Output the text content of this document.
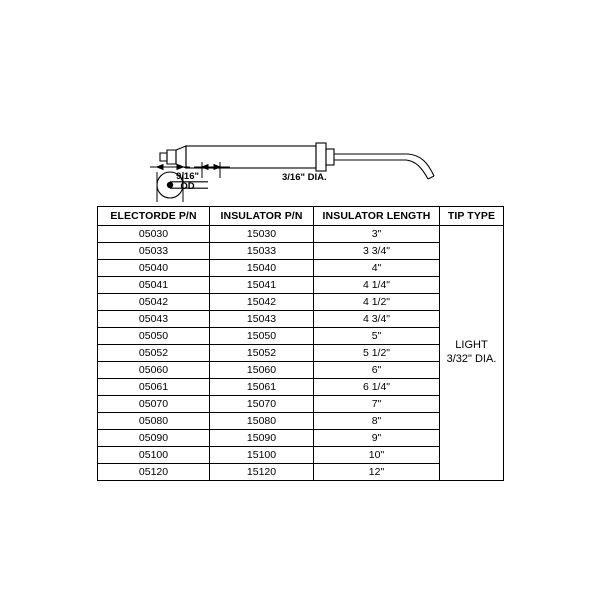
9/16"
OD
3/16" DIA.
ELECTORDE P/N	INSULATOR P/N	INSULATOR LENGTH	TIP TYPE

05030	15030	3"	LIGHT
3/32" DIA.

05033	15033	3 3/4"	

05040	15040	4"	

05041	15041	4 1/4"	

05042	15042	4 1/2"	

05043	15043	4 3/4"	

05050	15050	5"	

05052	15052	5 1/2"	

05060	15060	6"	

05061	15061	6 1/4"	

05070	15070	7"	

05080	15080	8"	

05090	15090	9"	

05100	15100	10"	

05120	15120	12"	
